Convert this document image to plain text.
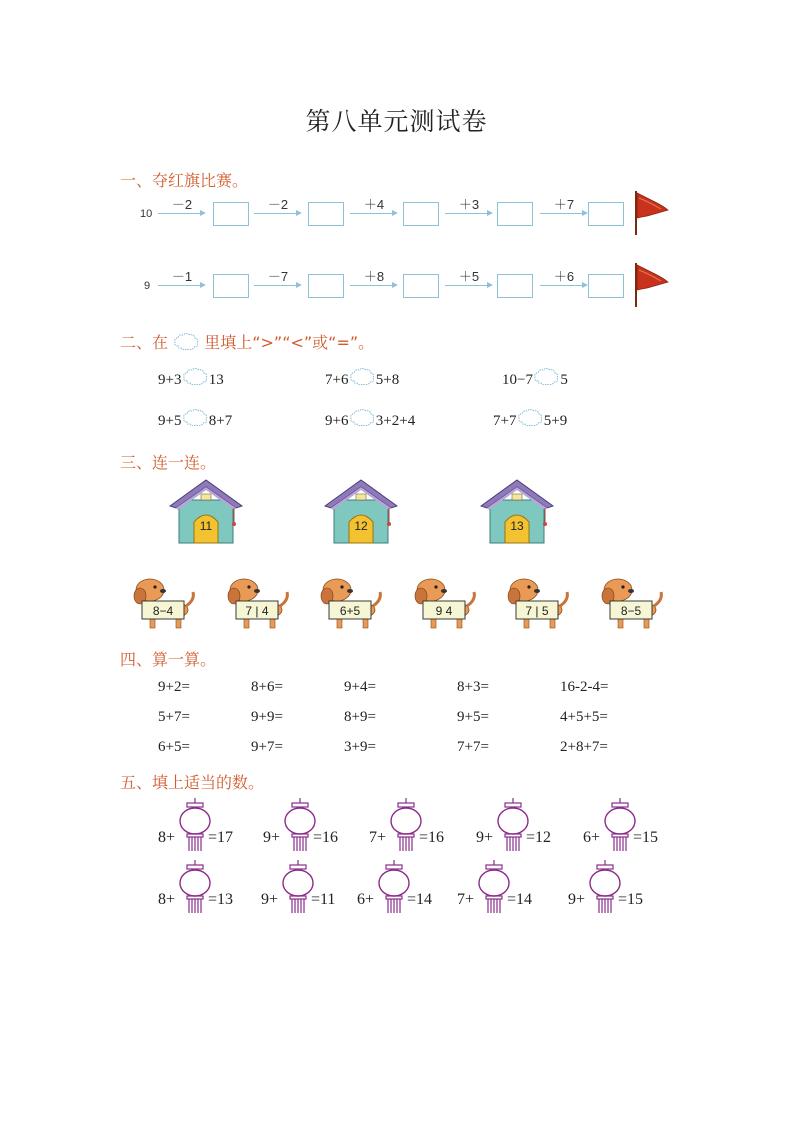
第八单元测试卷
一、夺红旗比赛。
10
－2	－2	＋4	＋3	＋7
9
－1	－7	＋8	＋5	＋6
二、在 里填上“>”“<”或“=”。
9+3 13	7+6 5+8	10−7 5
9+5 8+7	9+6 3+2+4	7+7 5+9
三、连一连。
11	12	13
8−4	7 | 4	6+5	9 4	7 | 5	8−5
四、算一算。
9+2=	8+6=	9+4=	8+3=	16-2-4=
5+7=	9+9=	8+9=	9+5=	4+5+5=
6+5=	9+7=	3+9=	7+7=	2+8+7=
五、填上适当的数。
8+ =17 9+ =16 7+ =16 9+ =12 6+ =15
8+ =13 9+ =11 6+ =14 7+ =14 9+ =15
